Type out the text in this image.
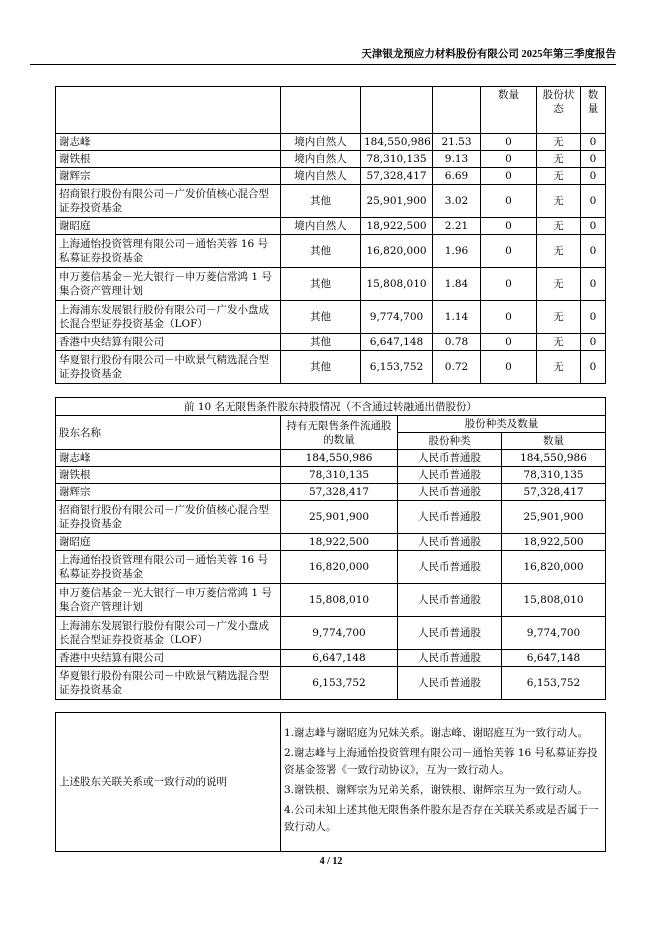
天津银龙预应力材料股份有限公司 2025年第三季度报告
				数量	股份状态	数量
谢志峰	境内自然人	184,550,986	21.53	0	无	0
谢铁根	境内自然人	78,310,135	9.13	0	无	0
谢辉宗	境内自然人	57,328,417	6.69	0	无	0
招商银行股份有限公司－广发价值核心混合型证券投资基金	其他	25,901,900	3.02	0	无	0
谢昭庭	境内自然人	18,922,500	2.21	0	无	0
上海通怡投资管理有限公司－通怡芙蓉 16 号私募证券投资基金	其他	16,820,000	1.96	0	无	0
申万菱信基金－光大银行－申万菱信常鸿 1 号集合资产管理计划	其他	15,808,010	1.84	0	无	0
上海浦东发展银行股份有限公司－广发小盘成长混合型证券投资基金（LOF）	其他	9,774,700	1.14	0	无	0
香港中央结算有限公司	其他	6,647,148	0.78	0	无	0
华夏银行股份有限公司－中欧景气精选混合型证券投资基金	其他	6,153,752	0.72	0	无	0
前 10 名无限售条件股东持股情况（不含通过转融通出借股份）			
股东名称	持有无限售条件流通股的数量	股份种类及数量	
		股份种类	数量
谢志峰	184,550,986	人民币普通股	184,550,986
谢铁根	78,310,135	人民币普通股	78,310,135
谢辉宗	57,328,417	人民币普通股	57,328,417
招商银行股份有限公司－广发价值核心混合型证券投资基金	25,901,900	人民币普通股	25,901,900
谢昭庭	18,922,500	人民币普通股	18,922,500
上海通怡投资管理有限公司－通怡芙蓉 16 号私募证券投资基金	16,820,000	人民币普通股	16,820,000
申万菱信基金－光大银行－申万菱信常鸿 1 号集合资产管理计划	15,808,010	人民币普通股	15,808,010
上海浦东发展银行股份有限公司－广发小盘成长混合型证券投资基金（LOF）	9,774,700	人民币普通股	9,774,700
香港中央结算有限公司	6,647,148	人民币普通股	6,647,148
华夏银行股份有限公司－中欧景气精选混合型证券投资基金	6,153,752	人民币普通股	6,153,752
上述股东关联关系或一致行动的说明	

1.谢志峰与谢昭庭为兄妹关系。谢志峰、谢昭庭互为一致行动人。

2.谢志峰与上海通怡投资管理有限公司－通怡芙蓉 16 号私募证券投资基金签署《一致行动协议》，互为一致行动人。

3.谢铁根、谢辉宗为兄弟关系，谢铁根、谢辉宗互为一致行动人。

4.公司未知上述其他无限售条件股东是否存在关联关系或是否属于一致行动人。

4 / 12
